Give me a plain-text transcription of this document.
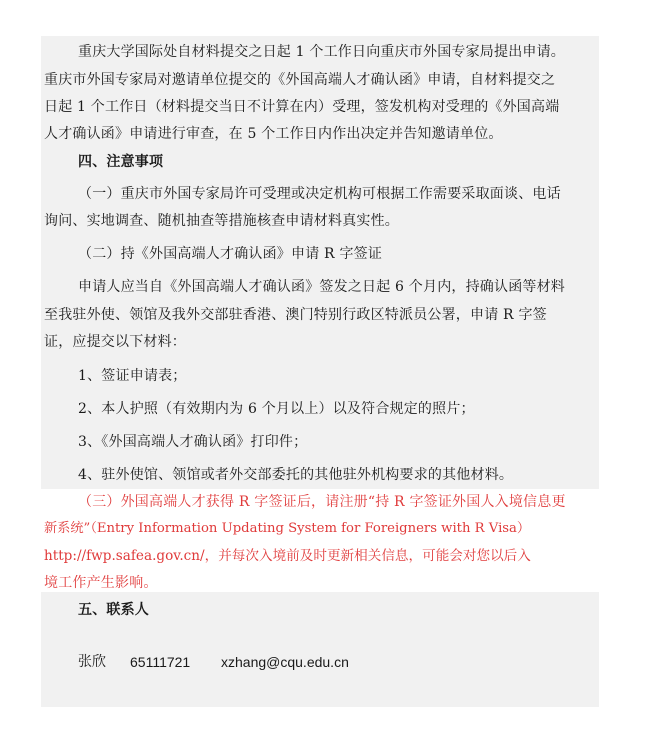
重庆大学国际处自材料提交之日起 1 个工作日向重庆市外国专家局提出申请。
重庆市外国专家局对邀请单位提交的《外国高端人才确认函》申请，自材料提交之
日起 1 个工作日（材料提交当日不计算在内）受理，签发机构对受理的《外国高端
人才确认函》申请进行审查，在 5 个工作日内作出决定并告知邀请单位。
四、注意事项
（一）重庆市外国专家局许可受理或决定机构可根据工作需要采取面谈、电话
询问、实地调查、随机抽查等措施核查申请材料真实性。
（二）持《外国高端人才确认函》申请 R 字签证
申请人应当自《外国高端人才确认函》签发之日起 6 个月内，持确认函等材料
至我驻外使、领馆及我外交部驻香港、澳门特别行政区特派员公署，申请 R 字签
证，应提交以下材料：
1、签证申请表；
2、本人护照（有效期内为 6 个月以上）以及符合规定的照片；
3、《外国高端人才确认函》打印件；
4、驻外使馆、领馆或者外交部委托的其他驻外机构要求的其他材料。
（三）外国高端人才获得 R 字签证后，请注册“持 R 字签证外国人入境信息更
新系统”（Entry Information Updating System for Foreigners with R Visa）
http://fwp.safea.gov.cn/，并每次入境前及时更新相关信息，可能会对您以后入
境工作产生影响。
五、联系人
张欣 65111721 xzhang@cqu.edu.cn
